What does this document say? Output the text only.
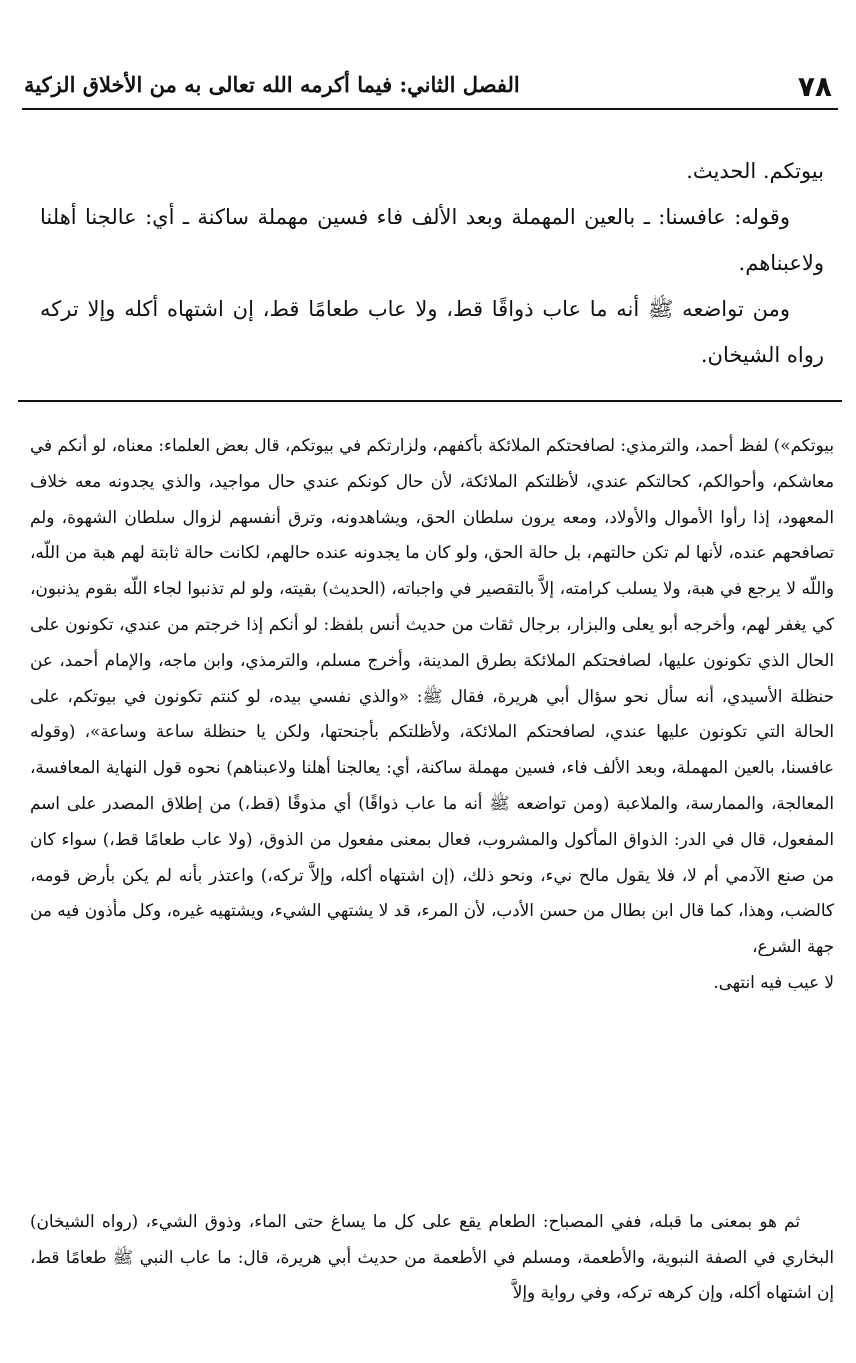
٧٨
الفصل الثاني: فيما أكرمه الله تعالى به من الأخلاق الزكية

بيوتكم. الحديث.

وقوله: عافسنا: ـ بالعين المهملة وبعد الألف فاء فسين مهملة ساكنة ـ أي: عالجنا أهلنا ولاعبناهم.

ومن تواضعه ﷺ أنه ما عاب ذواقًا قط، ولا عاب طعامًا قط، إن اشتهاه أكله وإلا تركه رواه الشيخان.

بيوتكم») لفظ أحمد، والترمذي: لصافحتكم الملائكة بأكفهم، ولزارتكم في بيوتكم، قال بعض العلماء: معناه، لو أنكم في معاشكم، وأحوالكم، كحالتكم عندي، لأظلتكم الملائكة، لأن حال كونكم عندي حال مواجيد، والذي يجدونه معه خلاف المعهود، إذا رأوا الأموال والأولاد، ومعه يرون سلطان الحق، ويشاهدونه، وترق أنفسهم لزوال سلطان الشهوة، ولم تصافحهم عنده، لأنها لم تكن حالتهم، بل حالة الحق، ولو كان ما يجدونه عنده حالهم، لكانت حالة ثابتة لهم هبة من اللّه، واللّه لا يرجع في هبة، ولا يسلب كرامته، إلاَّ بالتقصير في واجباته، (الحديث) بقيته، ولو لم تذنبوا لجاء اللّه بقوم يذنبون، كي يغفر لهم، وأخرجه أبو يعلى والبزار، برجال ثقات من حديث أنس بلفظ: لو أنكم إذا خرجتم من عندي، تكونون على الحال الذي تكونون عليها، لصافحتكم الملائكة بطرق المدينة، وأخرج مسلم، والترمذي، وابن ماجه، والإمام أحمد، عن حنظلة الأسيدي، أنه سأل نحو سؤال أبي هريرة، فقال ﷺ: «والذي نفسي بيده، لو كنتم تكونون في بيوتكم، على الحالة التي تكونون عليها عندي، لصافحتكم الملائكة، ولأظلتكم بأجنحتها، ولكن يا حنظلة ساعة وساعة»، (وقوله عافسنا، بالعين المهملة، وبعد الألف فاء، فسين مهملة ساكنة، أي: يعالجنا أهلنا ولاعبناهم) نحوه قول النهاية المعافسة، المعالجة، والممارسة، والملاعبة (ومن تواضعه ﷺ أنه ما عاب ذواقًا) أي مذوقًا (قط،) من إطلاق المصدر على اسم المفعول، قال في الدر: الذواق المأكول والمشروب، فعال بمعنى مفعول من الذوق، (ولا عاب طعامًا قط،) سواء كان من صنع الآدمي أم لا، فلا يقول مالح نيء، ونحو ذلك، (إن اشتهاه أكله، وإلاَّ تركه،) واعتذر بأنه لم يكن بأرض قومه، كالضب، وهذا، كما قال ابن بطال من حسن الأدب، لأن المرء، قد لا يشتهي الشيء، ويشتهيه غيره، وكل مأذون فيه من جهة الشرع،
لا عيب فيه انتهى.

ثم هو بمعنى ما قبله، ففي المصباح: الطعام يقع على كل ما يساغ حتى الماء، وذوق الشيء، (رواه الشيخان) البخاري في الصفة النبوية، والأطعمة، ومسلم في الأطعمة من حديث أبي هريرة، قال: ما عاب النبي ﷺ طعامًا قط، إن اشتهاه أكله، وإن كرهه تركه، وفي رواية وإلاَّ
